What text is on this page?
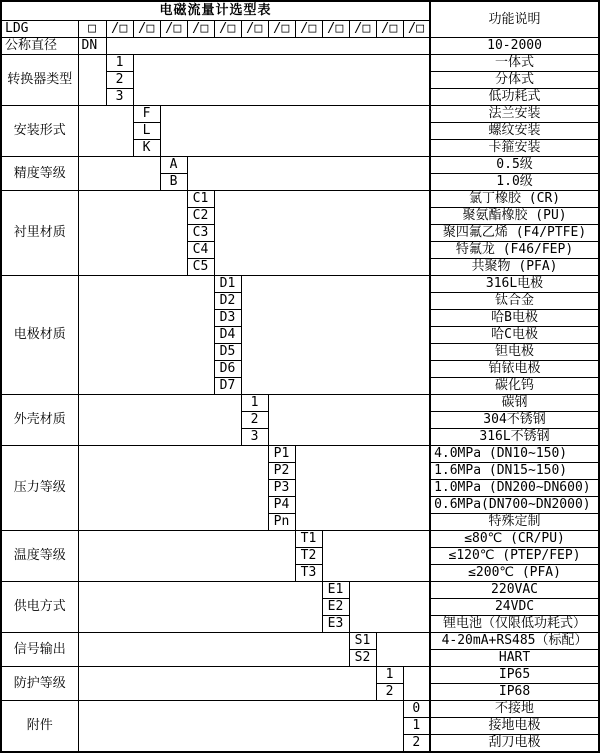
电磁流量计选型表														功能说明
LDG	□	/□	/□	/□	/□	/□	/□	/□	/□	/□	/□	/□	/□	
公称直径	DN													10-2000
转换器类型		1												一体式
		2												分体式
		3												低功耗式
安装形式			F											法兰安装
			L											螺纹安装
			K											卡箍安装
精度等级				A										0.5级
				B										1.0级
衬里材质					C1									氯丁橡胶 (CR)
					C2									聚氨酯橡胶 (PU)
					C3									聚四氟乙烯 (F4/PTFE)
					C4									特氟龙 (F46/FEP)
					C5									共聚物 (PFA)
电极材质						D1								316L电极
						D2								钛合金
						D3								哈B电极
						D4								哈C电极
						D5								钽电极
						D6								铂铱电极
						D7								碳化钨
外壳材质							1							碳钢
							2							304不锈钢
							3							316L不锈钢
压力等级								P1						4.0MPa (DN10~150)
								P2						1.6MPa (DN15~150)
								P3						1.0MPa (DN200~DN600)
								P4						0.6MPa(DN700~DN2000)
								Pn						特殊定制
温度等级									T1					≤80℃ (CR/PU)
									T2					≤120℃ (PTEP/FEP)
									T3					≤200℃ (PFA)
供电方式										E1				220VAC
										E2				24VDC
										E3				锂电池（仅限低功耗式）
信号输出											S1			4-20mA+RS485（标配）
											S2			HART
防护等级												1		IP65
												2		IP68
附件													0	不接地
													1	接地电极
													2	刮刀电极
